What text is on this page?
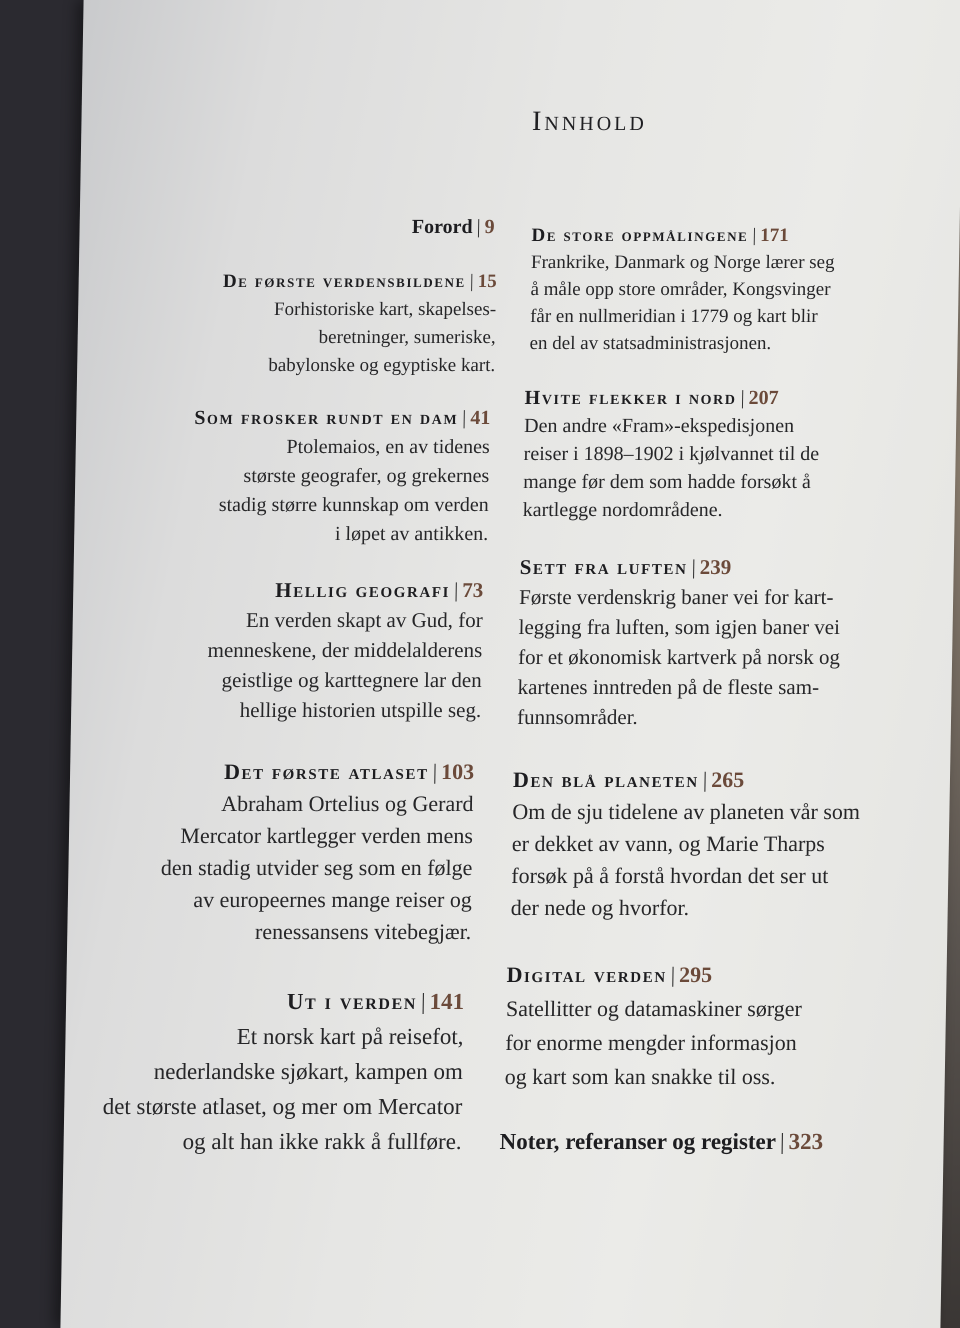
Innhold
Forord | 9
De første verdensbildene | 15
Forhistoriske kart, skapelses-
beretninger, sumeriske,
babylonske og egyptiske kart.
Som frosker rundt en dam | 41
Ptolemaios, en av tidenes
største geografer, og grekernes
stadig større kunnskap om verden
i løpet av antikken.
Hellig geografi | 73
En verden skapt av Gud, for
menneskene, der middelalderens
geistlige og karttegnere lar den
hellige historien utspille seg.
Det første atlaset | 103
Abraham Ortelius og Gerard
Mercator kartlegger verden mens
den stadig utvider seg som en følge
av europeernes mange reiser og
renessansens vitebegjær.
Ut i verden | 141
Et norsk kart på reisefot,
nederlandske sjøkart, kampen om
det største atlaset, og mer om Mercator
og alt han ikke rakk å fullføre.
De store oppmålingene | 171
Frankrike, Danmark og Norge lærer seg
å måle opp store områder, Kongsvinger
får en nullmeridian i 1779 og kart blir
en del av statsadministrasjonen.
Hvite flekker i nord | 207
Den andre «Fram»-ekspedisjonen
reiser i 1898–1902 i kjølvannet til de
mange før dem som hadde forsøkt å
kartlegge nordområdene.
Sett fra luften | 239
Første verdenskrig baner vei for kart-
legging fra luften, som igjen baner vei
for et økonomisk kartverk på norsk og
kartenes inntreden på de fleste sam-
funnsområder.
Den blå planeten | 265
Om de sju tidelene av planeten vår som
er dekket av vann, og Marie Tharps
forsøk på å forstå hvordan det ser ut
der nede og hvorfor.
Digital verden | 295
Satellitter og datamaskiner sørger
for enorme mengder informasjon
og kart som kan snakke til oss.
Noter, referanser og register | 323
